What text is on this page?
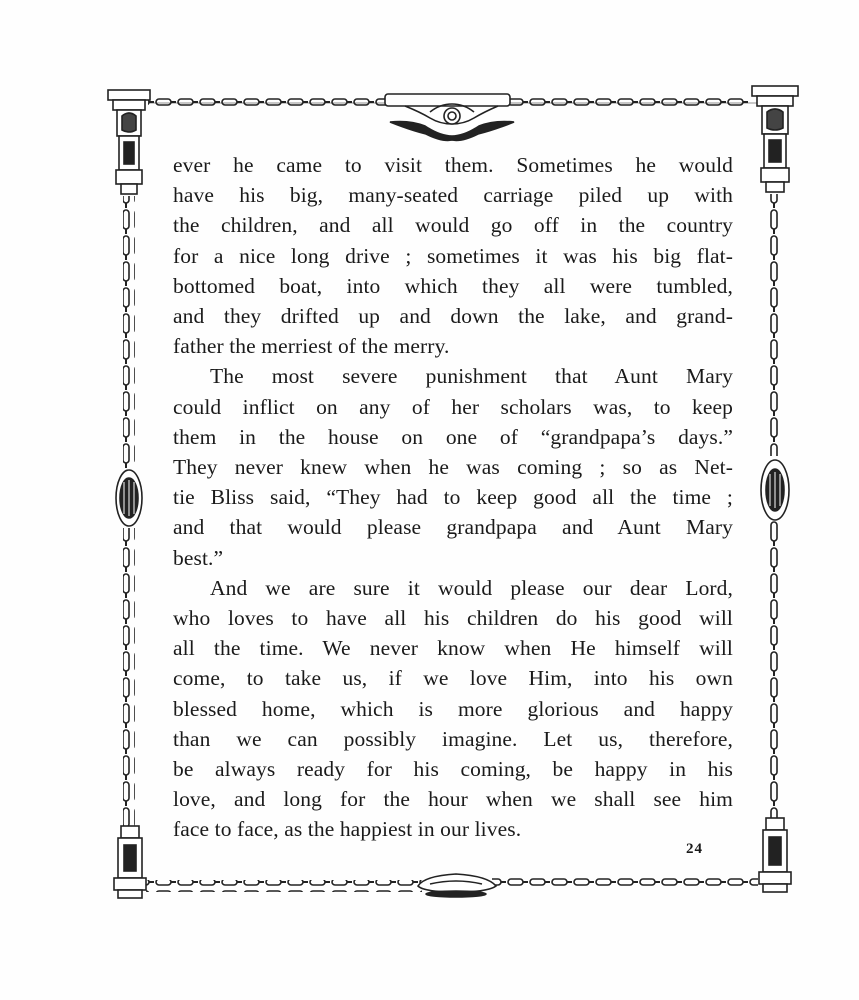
ever he came to visit them. Sometimes he would
have his big, many-seated carriage piled up with
the children, and all would go off in the country
for a nice long drive ; sometimes it was his big flat-
bottomed boat, into which they all were tumbled,
and they drifted up and down the lake, and grand-
father the merriest of the merry.

The most severe punishment that Aunt Mary
could inflict on any of her scholars was, to keep
them in the house on one of “grandpapa’s days.”
They never knew when he was coming ; so as Net-
tie Bliss said, “They had to keep good all the time ;
and that would please grandpapa and Aunt Mary
best.”

And we are sure it would please our dear Lord,
who loves to have all his children do his good will
all the time. We never know when He himself will
come, to take us, if we love Him, into his own
blessed home, which is more glorious and happy
than we can possibly imagine. Let us, therefore,
be always ready for his coming, be happy in his
love, and long for the hour when we shall see him
face to face, as the happiest in our lives.

24
